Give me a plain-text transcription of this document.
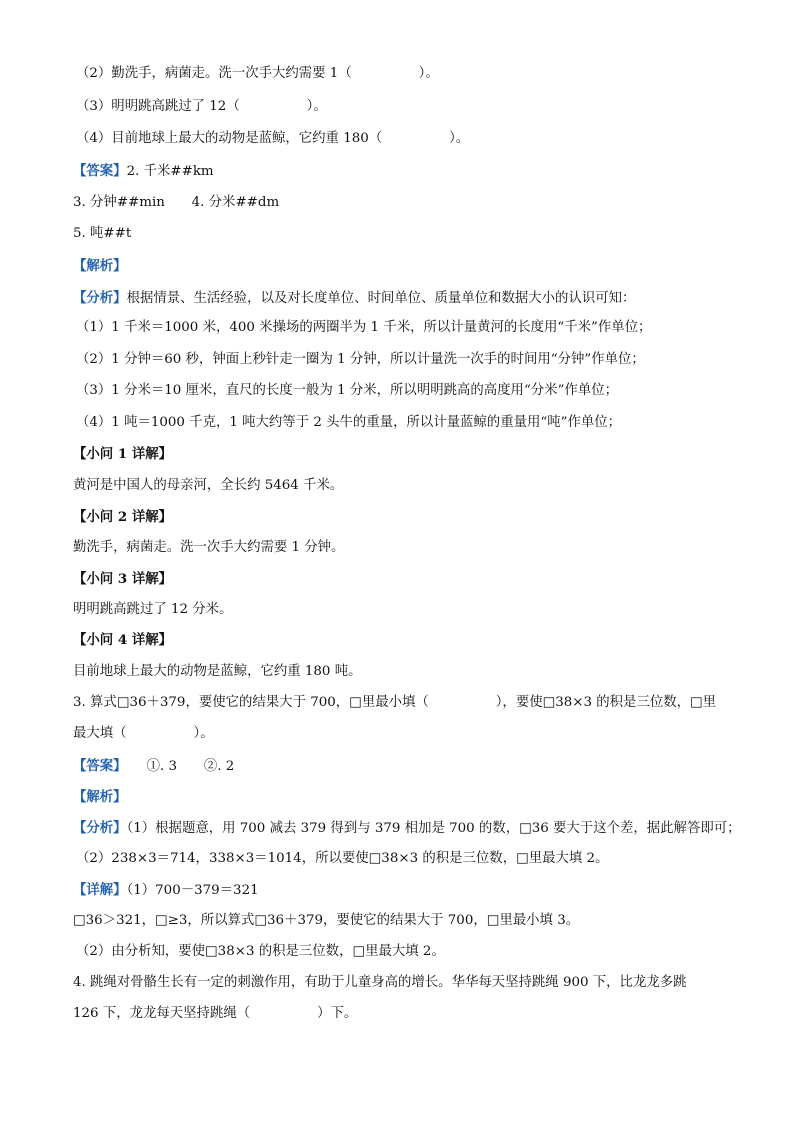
（2）勤洗手，病菌走。洗一次手大约需要 1（　　　　　）。
（3）明明跳高跳过了 12（　　　　　）。
（4）目前地球上最大的动物是蓝鲸，它约重 180（　　　　　）。
【答案】2. 千米##km
3. 分钟##min　　4. 分米##dm
5. 吨##t
【解析】
【分析】根据情景、生活经验，以及对长度单位、时间单位、质量单位和数据大小的认识可知：
（1）1 千米＝1000 米，400 米操场的两圈半为 1 千米，所以计量黄河的长度用“千米”作单位；
（2）1 分钟＝60 秒，钟面上秒针走一圈为 1 分钟，所以计量洗一次手的时间用“分钟”作单位；
（3）1 分米＝10 厘米，直尺的长度一般为 1 分米，所以明明跳高的高度用“分米”作单位；
（4）1 吨＝1000 千克，1 吨大约等于 2 头牛的重量，所以计量蓝鲸的重量用“吨”作单位；
【小问 1 详解】
黄河是中国人的母亲河，全长约 5464 千米。
【小问 2 详解】
勤洗手，病菌走。洗一次手大约需要 1 分钟。
【小问 3 详解】
明明跳高跳过了 12 分米。
【小问 4 详解】
目前地球上最大的动物是蓝鲸，它约重 180 吨。
3. 算式□36＋379，要使它的结果大于 700，□里最小填（　　　　　），要使□38×3 的积是三位数，□里
最大填（　　　　　）。
【答案】　　①. 3　　②. 2
【解析】
【分析】（1）根据题意，用 700 减去 379 得到与 379 相加是 700 的数，□36 要大于这个差，据此解答即可；
（2）238×3＝714，338×3＝1014，所以要使□38×3 的积是三位数，□里最大填 2。
【详解】（1）700－379＝321
□36＞321，□≥3，所以算式□36＋379，要使它的结果大于 700，□里最小填 3。
（2）由分析知，要使□38×3 的积是三位数，□里最大填 2。
4. 跳绳对骨骼生长有一定的刺激作用，有助于儿童身高的增长。华华每天坚持跳绳 900 下，比龙龙多跳
126 下，龙龙每天坚持跳绳（　　　　　）下。
